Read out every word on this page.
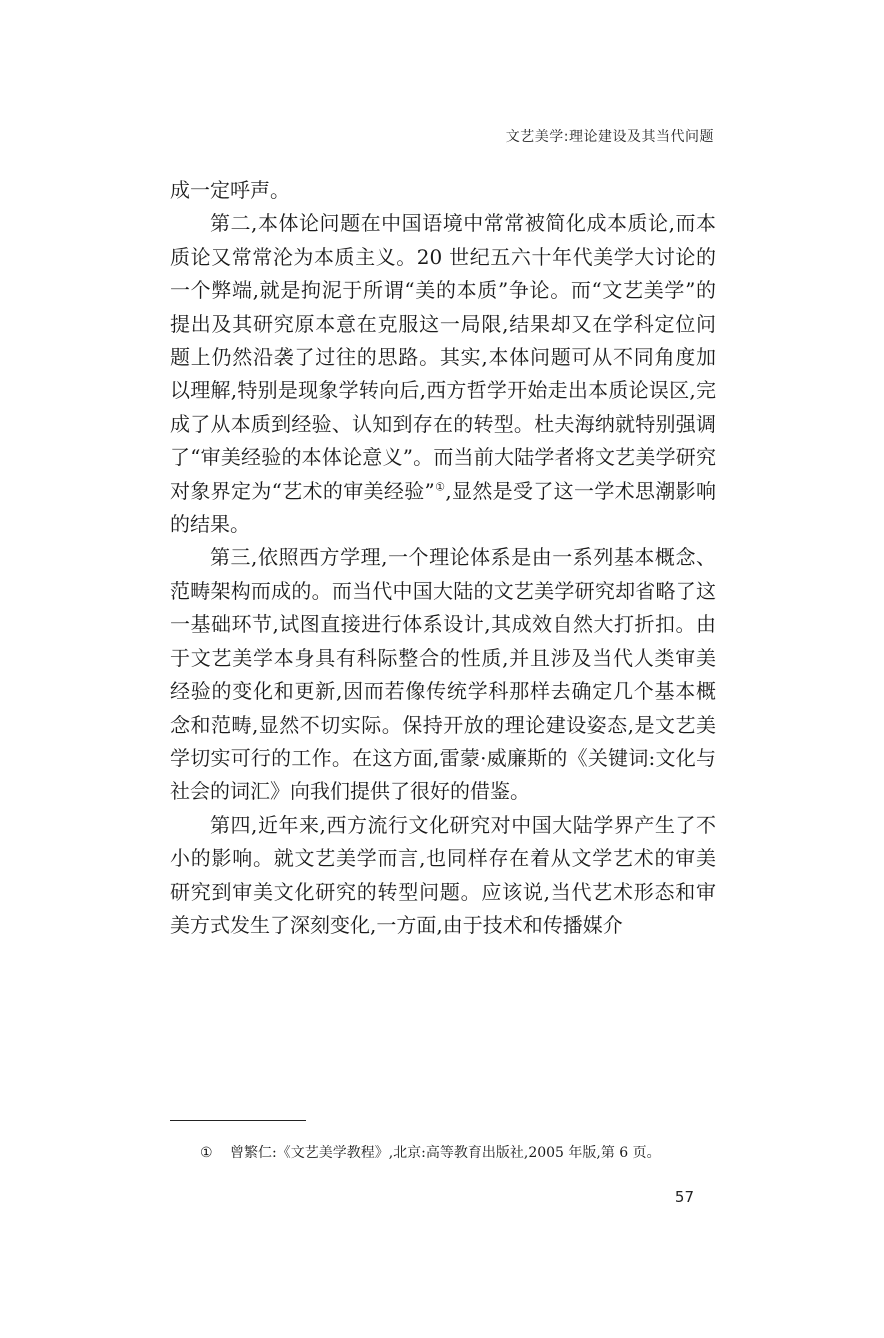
文艺美学:理论建设及其当代问题

成一定呼声。

第二,本体论问题在中国语境中常常被简化成本质论,而本质论又常常沦为本质主义。20 世纪五六十年代美学大讨论的一个弊端,就是拘泥于所谓“美的本质”争论。而“文艺美学”的提出及其研究原本意在克服这一局限,结果却又在学科定位问题上仍然沿袭了过往的思路。其实,本体问题可从不同角度加以理解,特别是现象学转向后,西方哲学开始走出本质论误区,完成了从本质到经验、认知到存在的转型。杜夫海纳就特别强调了“审美经验的本体论意义”。而当前大陆学者将文艺美学研究对象界定为“艺术的审美经验”①,显然是受了这一学术思潮影响的结果。

第三,依照西方学理,一个理论体系是由一系列基本概念、范畴架构而成的。而当代中国大陆的文艺美学研究却省略了这一基础环节,试图直接进行体系设计,其成效自然大打折扣。由于文艺美学本身具有科际整合的性质,并且涉及当代人类审美经验的变化和更新,因而若像传统学科那样去确定几个基本概念和范畴,显然不切实际。保持开放的理论建设姿态,是文艺美学切实可行的工作。在这方面,雷蒙·威廉斯的《关键词:文化与社会的词汇》向我们提供了很好的借鉴。

第四,近年来,西方流行文化研究对中国大陆学界产生了不小的影响。就文艺美学而言,也同样存在着从文学艺术的审美研究到审美文化研究的转型问题。应该说,当代艺术形态和审美方式发生了深刻变化,一方面,由于技术和传播媒介

① 曾繁仁:《文艺美学教程》,北京:高等教育出版社,2005 年版,第 6 页。
57
